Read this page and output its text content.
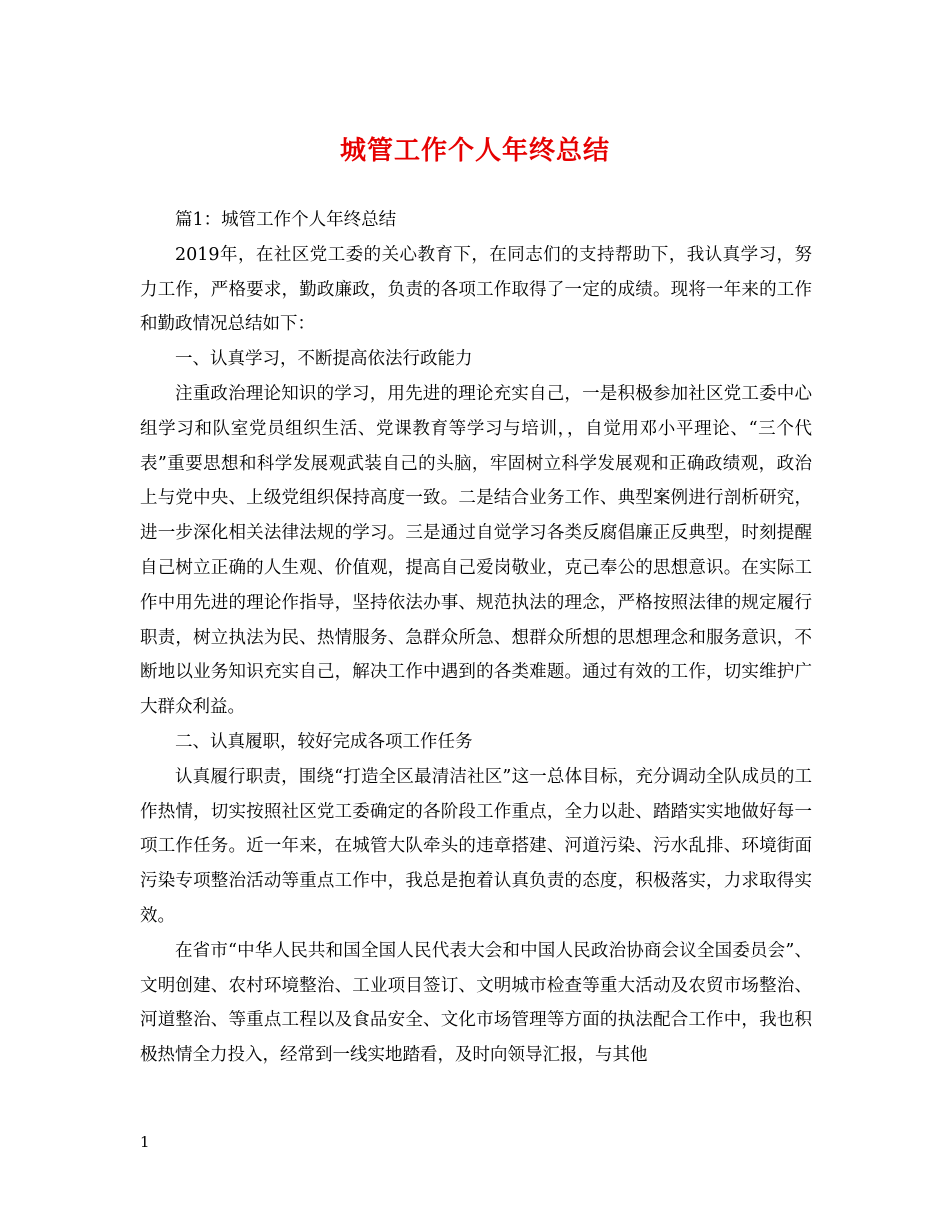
城管工作个人年终总结

篇1：城管工作个人年终总结

2019年，在社区党工委的关心教育下，在同志们的支持帮助下，我认真学习，努力工作，严格要求，勤政廉政，负责的各项工作取得了一定的成绩。现将一年来的工作和勤政情况总结如下：

一、认真学习，不断提高依法行政能力

注重政治理论知识的学习，用先进的理论充实自己，一是积极参加社区党工委中心组学习和队室党员组织生活、党课教育等学习与培训，，自觉用邓小平理论、“三个代表”重要思想和科学发展观武装自己的头脑，牢固树立科学发展观和正确政绩观，政治上与党中央、上级党组织保持高度一致。二是结合业务工作、典型案例进行剖析研究，进一步深化相关法律法规的学习。三是通过自觉学习各类反腐倡廉正反典型，时刻提醒自己树立正确的人生观、价值观，提高自己爱岗敬业，克己奉公的思想意识。在实际工作中用先进的理论作指导，坚持依法办事、规范执法的理念，严格按照法律的规定履行职责，树立执法为民、热情服务、急群众所急、想群众所想的思想理念和服务意识，不断地以业务知识充实自己，解决工作中遇到的各类难题。通过有效的工作，切实维护广大群众利益。

二、认真履职，较好完成各项工作任务

认真履行职责，围绕“打造全区最清洁社区”这一总体目标，充分调动全队成员的工作热情，切实按照社区党工委确定的各阶段工作重点，全力以赴、踏踏实实地做好每一项工作任务。近一年来，在城管大队牵头的违章搭建、河道污染、污水乱排、环境街面污染专项整治活动等重点工作中，我总是抱着认真负责的态度，积极落实，力求取得实效。

在省市“中华人民共和国全国人民代表大会和中国人民政治协商会议全国委员会”、文明创建、农村环境整治、工业项目签订、文明城市检查等重大活动及农贸市场整治、河道整治、等重点工程以及食品安全、文化市场管理等方面的执法配合工作中，我也积极热情全力投入，经常到一线实地踏看，及时向领导汇报，与其他

1
